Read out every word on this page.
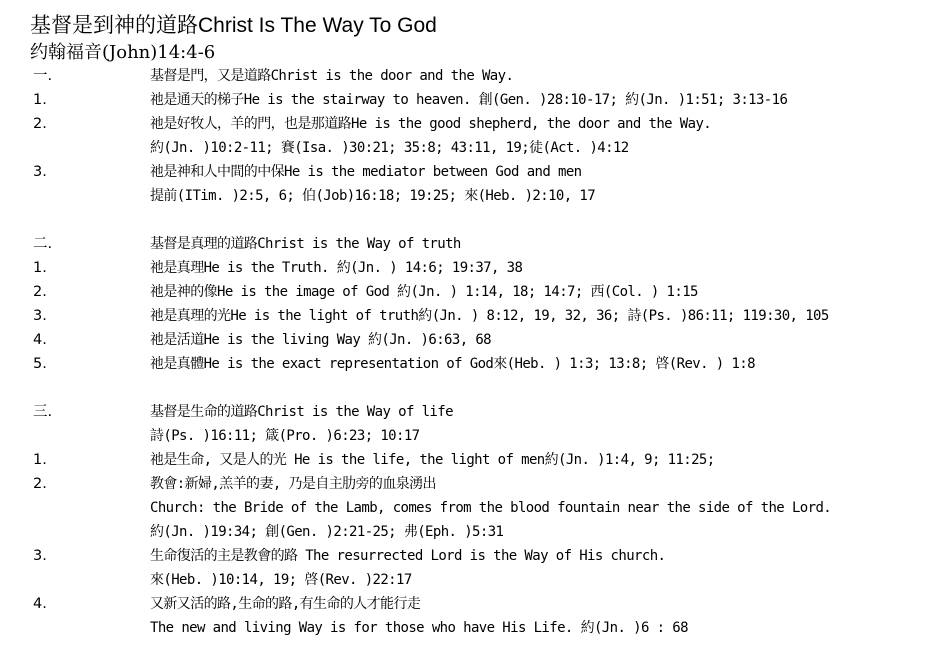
基督是到神的道路Christ Is The Way To God
约翰福音(John)14:4-6
一.	基督是門，又是道路Christ is the door and the Way.
1.	祂是通天的梯子He is the stairway to heaven. 創(Gen. )28:10-17; 約(Jn. )1:51; 3:13-16
2.	祂是好牧人，羊的門，也是那道路He is the good shepherd, the door and the Way.
約(Jn. )10:2-11; 賽(Isa. )30:21; 35:8; 43:11, 19;徒(Act. )4:12
3.	祂是神和人中間的中保He is the mediator between God and men
提前(ITim. )2:5, 6; 伯(Job)16:18; 19:25; 來(Heb. )2:10, 17
二.	基督是真理的道路Christ is the Way of truth
1.	祂是真理He is the Truth. 約(Jn. ) 14:6; 19:37, 38
2.	祂是神的像He is the image of God 約(Jn. ) 1:14, 18; 14:7; 西(Col. ) 1:15
3.	祂是真理的光He is the light of truth約(Jn. ) 8:12, 19, 32, 36; 詩(Ps. )86:11; 119:30, 105
4.	祂是活道He is the living Way 約(Jn. )6:63, 68
5.	祂是真體He is the exact representation of God來(Heb. ) 1:3; 13:8; 啓(Rev. ) 1:8
三.	基督是生命的道路Christ is the Way of life
詩(Ps. )16:11; 箴(Pro. )6:23; 10:17
1.	祂是生命, 又是人的光 He is the life, the light of men約(Jn. )1:4, 9; 11:25;
2.	教會:新婦,羔羊的妻, 乃是自主肋旁的血泉湧出
Church: the Bride of the Lamb, comes from the blood fountain near the side of the Lord.
約(Jn. )19:34; 創(Gen. )2:21-25; 弗(Eph. )5:31
3.	生命復活的主是教會的路 The resurrected Lord is the Way of His church.
來(Heb. )10:14, 19; 啓(Rev. )22:17
4.	又新又活的路,生命的路,有生命的人才能行走
The new and living Way is for those who have His Life. 約(Jn. )6 : 68
